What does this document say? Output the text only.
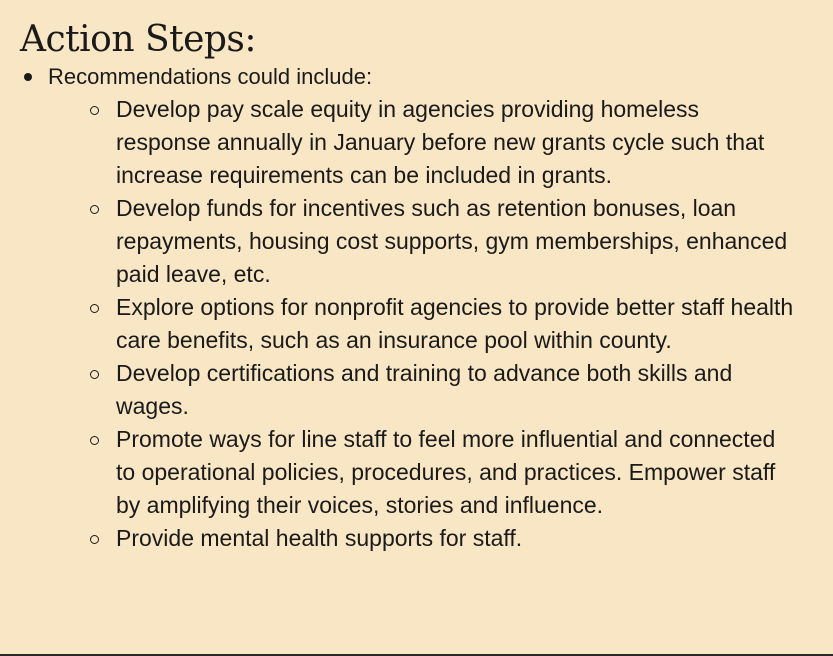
Action Steps:
Recommendations could include:
Develop pay scale equity in agencies providing homeless response annually in January before new grants cycle such that increase requirements can be included in grants.
Develop funds for incentives such as retention bonuses, loan repayments, housing cost supports, gym memberships, enhanced paid leave, etc.
Explore options for nonprofit agencies to provide better staff health care benefits, such as an insurance pool within county.
Develop certifications and training to advance both skills and wages.
Promote ways for line staff to feel more influential and connected to operational policies, procedures, and practices. Empower staff by amplifying their voices, stories and influence.
Provide mental health supports for staff.
